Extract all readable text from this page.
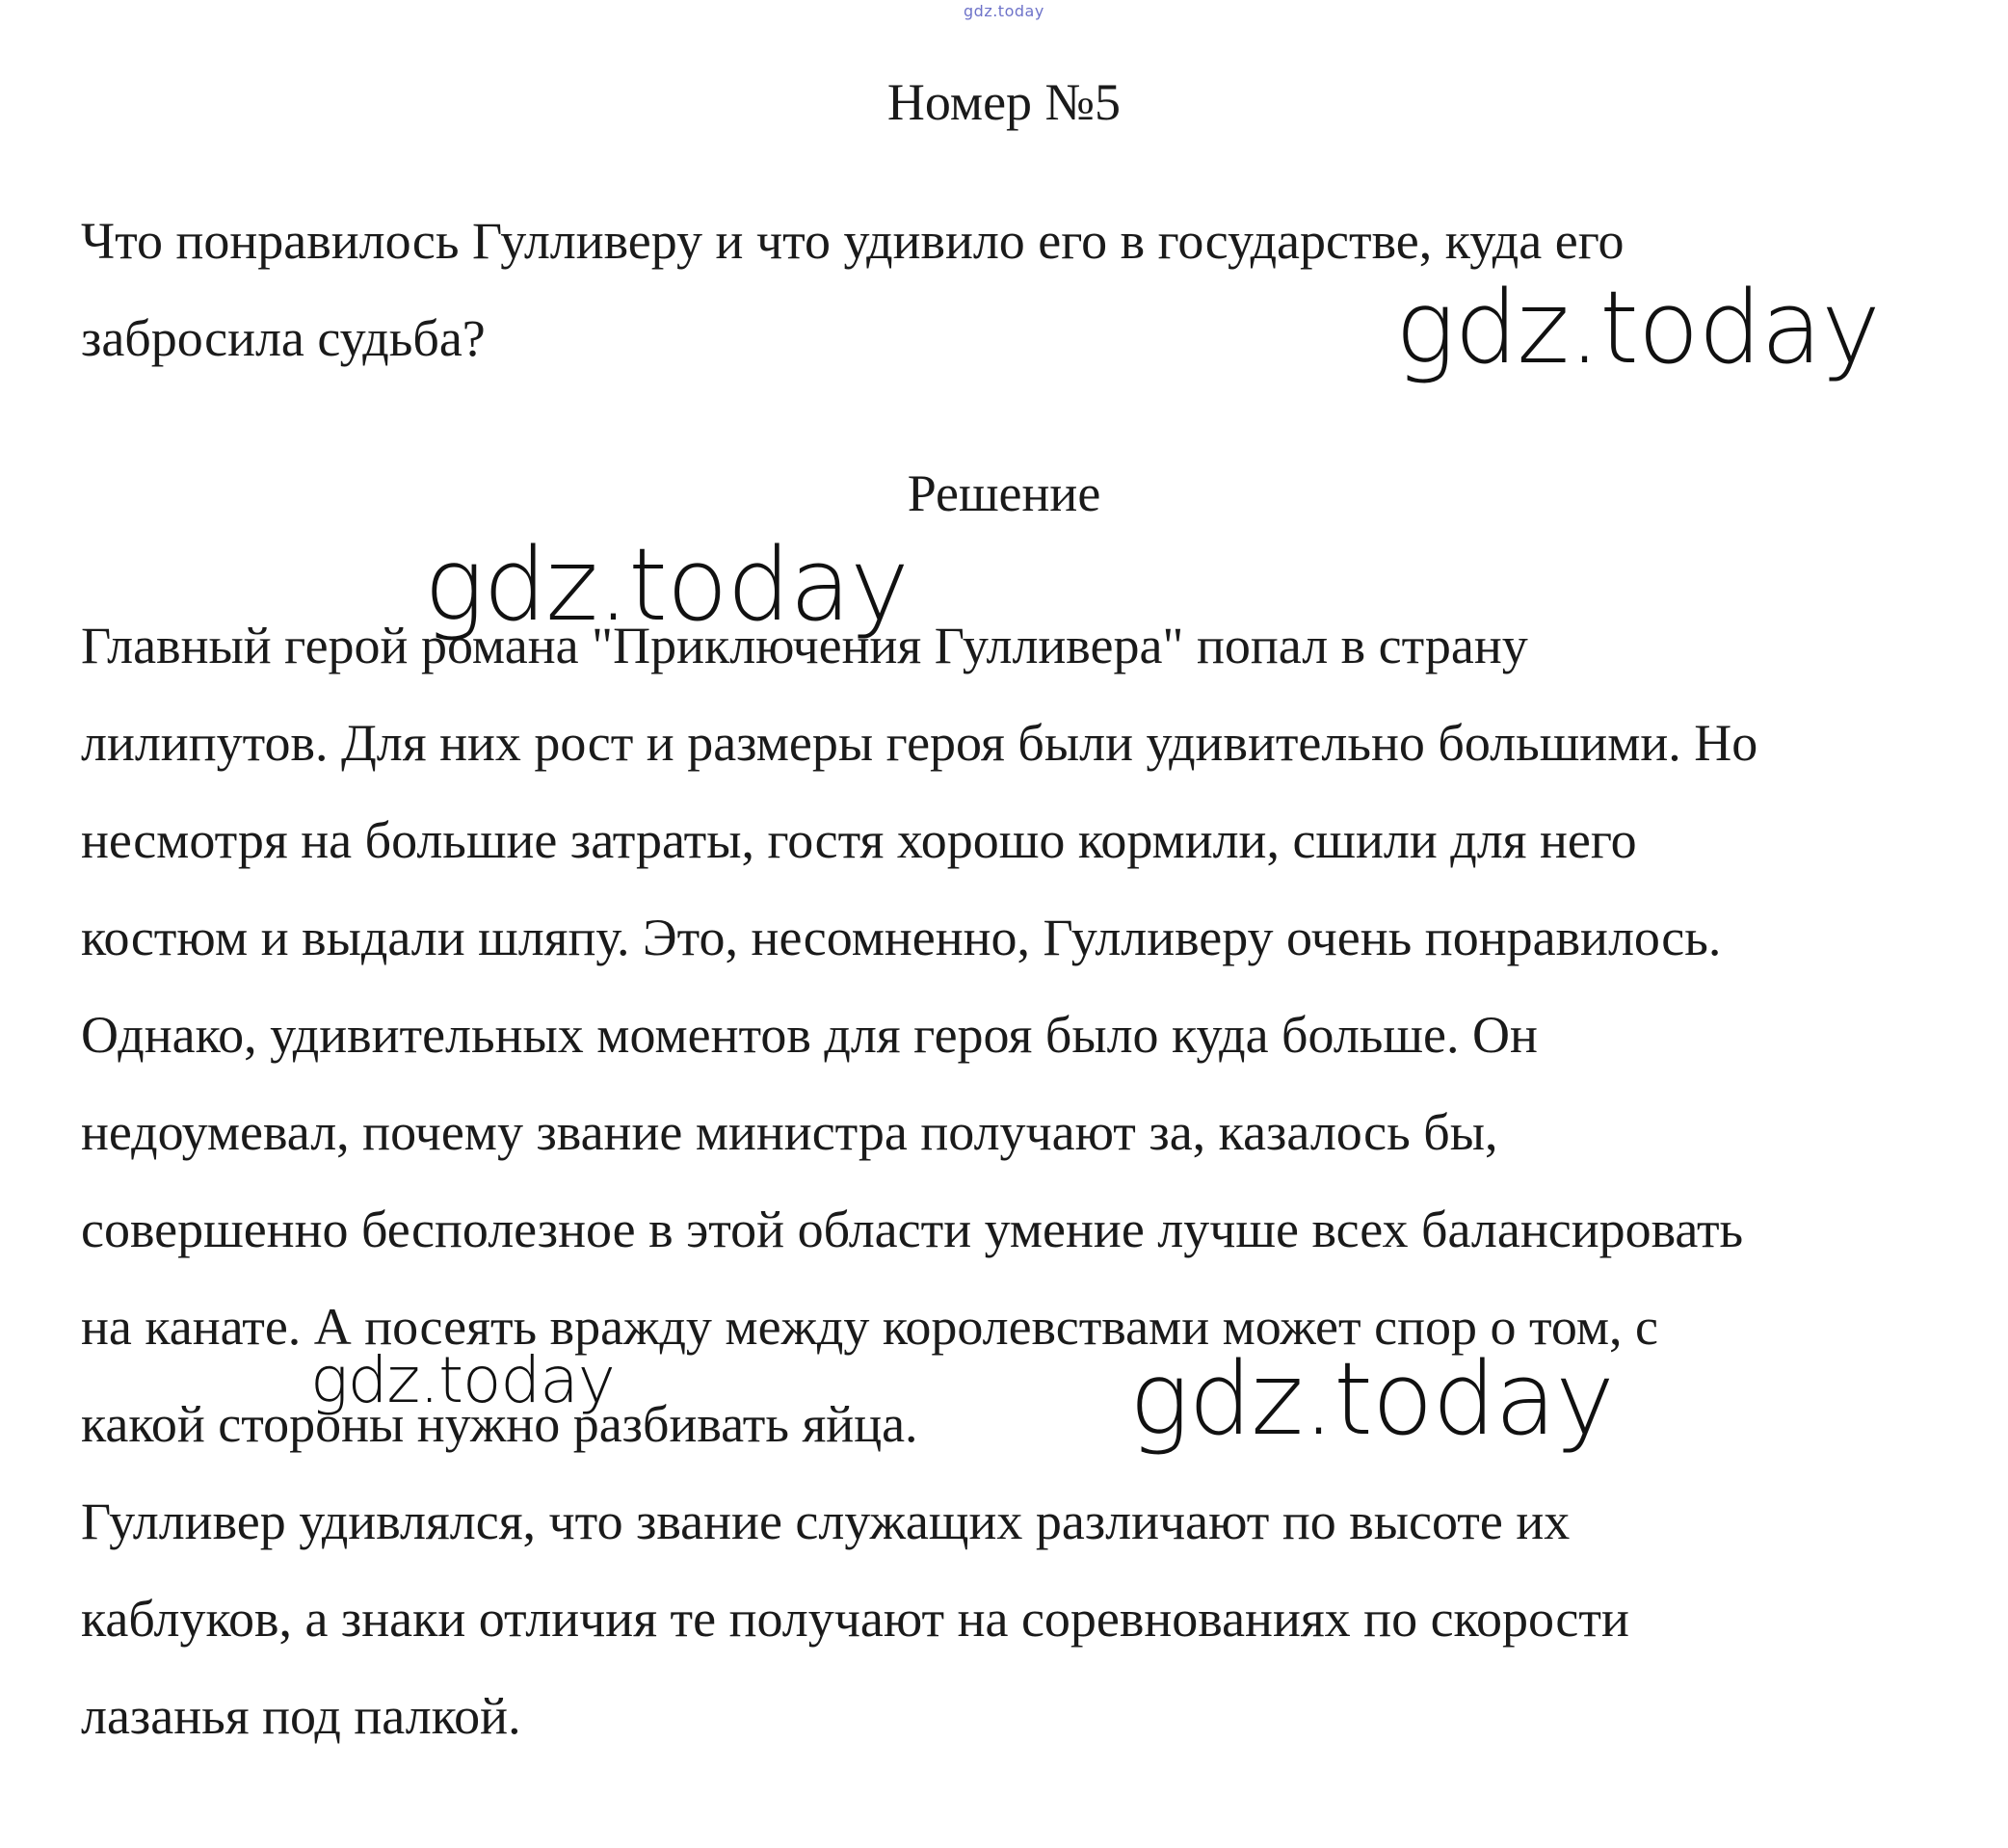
gdz.today
Номер №5
Что понравилось Гулливеру и что удивило его в государстве, куда его
забросила судьба?
Решение
Главный герой романа "Приключения Гулливера" попал в страну
лилипутов. Для них рост и размеры героя были удивительно большими. Но
несмотря на большие затраты, гостя хорошо кормили, сшили для него
костюм и выдали шляпу. Это, несомненно, Гулливеру очень понравилось.
Однако, удивительных моментов для героя было куда больше. Он
недоумевал, почему звание министра получают за, казалось бы,
совершенно бесполезное в этой области умение лучше всех балансировать
на канате. А посеять вражду между королевствами может спор о том, с
какой стороны нужно разбивать яйца.
Гулливер удивлялся, что звание служащих различают по высоте их
каблуков, а знаки отличия те получают на соревнованиях по скорости
лазанья под палкой.
gdz.today
gdz.today
gdz.today	gdz.today
